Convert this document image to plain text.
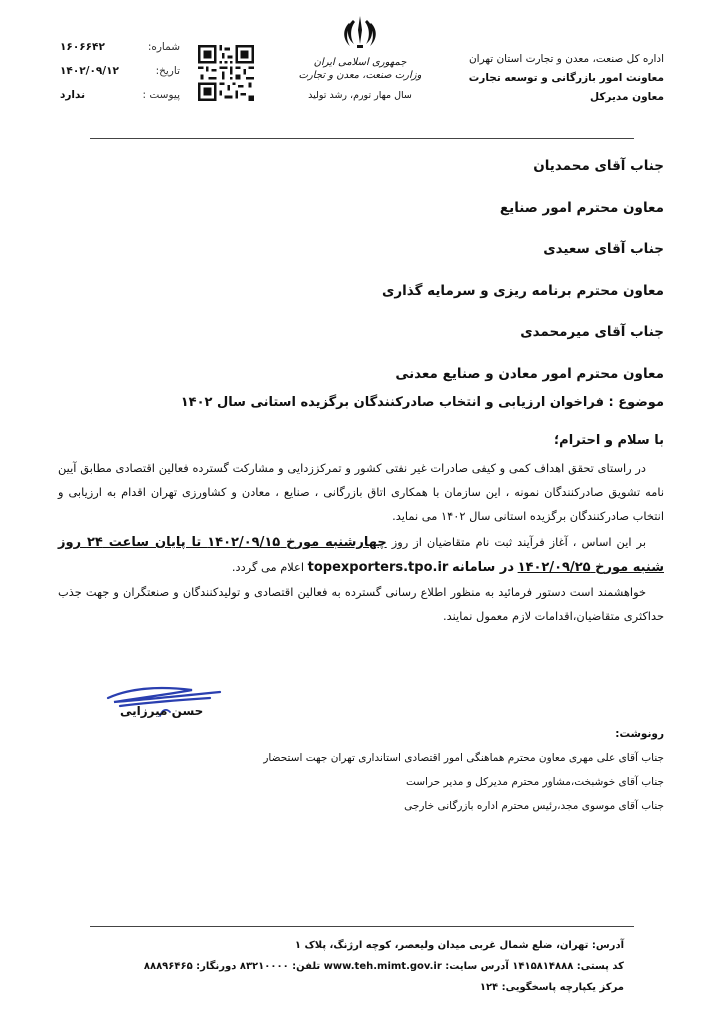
اداره کل صنعت، معدن و تجارت استان تهران
معاونت امور بازرگانی و توسعه تجارت
معاون مدیرکل
جمهوری اسلامی ایران
وزارت صنعت، معدن و تجارت
سال مهار تورم، رشد تولید
شماره:
۱۶۰۶۶۴۲
تاریخ:
۱۴۰۲/۰۹/۱۲
پیوست :
ندارد
جناب آقای محمدیان
معاون محترم امور صنایع
جناب آقای سعیدی
معاون محترم برنامه ریزی و سرمایه گذاری
جناب آقای میرمحمدی
معاون محترم امور معادن و صنایع معدنی
موضوع : فراخوان ارزیابی و انتخاب صادرکنندگان برگزیده استانی سال ۱۴۰۲
با سلام و احترام؛

در راستای تحقق اهداف کمی و کیفی صادرات غیر نفتی کشور و تمرکززدایی و مشارکت گسترده فعالین اقتصادی مطابق آیین نامه تشویق صادرکنندگان نمونه ، این سازمان با همکاری اتاق بازرگانی ، صنایع ، معادن و کشاورزی تهران اقدام به ارزیابی و انتخاب صادرکنندگان برگزیده استانی سال ۱۴۰۲ می نماید.

بر این اساس ، آغاز فرآیند ثبت نام متقاضیان از روز چهارشنبه مورخ ۱۴۰۲/۰۹/۱۵ تا پایان ساعت ۲۴ روز شنبه مورخ ۱۴۰۲/۰۹/۲۵ در سامانه topexporters.tpo.ir اعلام می گردد.

خواهشمند است دستور فرمائید به منظور اطلاع رسانی گسترده به فعالین اقتصادی و تولیدکنندگان و صنعتگران و جهت جذب حداکثری متقاضیان،اقدامات لازم معمول نمایند.

حسن میرزایی
رونوشت:
جناب آقای علی مهری معاون محترم هماهنگی امور اقتصادی استانداری تهران جهت استحضار
جناب آقای خوشبخت،مشاور محترم مدیرکل و مدیر حراست
جناب آقای موسوی مجد،رئیس محترم اداره بازرگانی خارجی
آدرس: تهران، ضلع شمال غربی میدان ولیعصر، کوچه ارژنگ، پلاک ۱
کد پستی: ۱۴۱۵۸۱۴۸۸۸ آدرس سایت: www.teh.mimt.gov.ir تلفن: ۸۳۲۱۰۰۰۰ دورنگار: ۸۸۸۹۶۴۶۵
مرکز یکپارچه پاسخگویی: ۱۲۴
